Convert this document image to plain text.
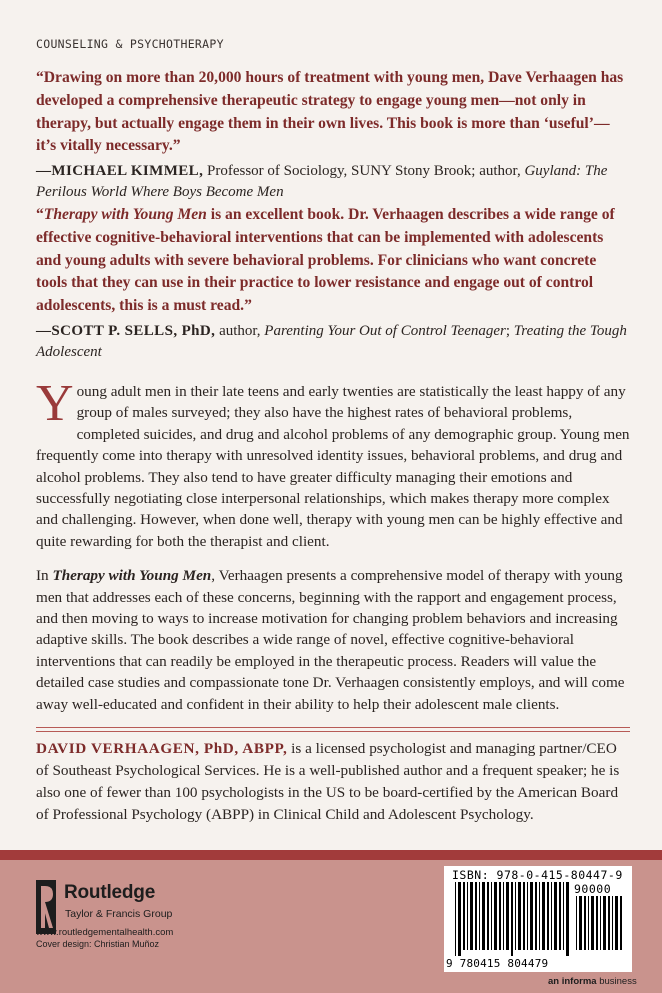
COUNSELING & PSYCHOTHERAPY
“Drawing on more than 20,000 hours of treatment with young men, Dave Verhaagen has developed a comprehensive therapeutic strategy to engage young men—not only in therapy, but actually engage them in their own lives. This book is more than ‘useful’—it’s vitally necessary.”
—MICHAEL KIMMEL, Professor of Sociology, SUNY Stony Brook; author, Guyland: The Perilous World Where Boys Become Men
“Therapy with Young Men is an excellent book. Dr. Verhaagen describes a wide range of effective cognitive-behavioral interventions that can be implemented with adolescents and young adults with severe behavioral problems. For clinicians who want concrete tools that they can use in their practice to lower resistance and engage out of control adolescents, this is a must read.”
—SCOTT P. SELLS, PhD, author, Parenting Your Out of Control Teenager; Treating the Tough Adolescent

Young adult men in their late teens and early twenties are statistically the least happy of any group of males surveyed; they also have the highest rates of behavioral problems, completed suicides, and drug and alcohol problems of any demographic group. Young men frequently come into therapy with unresolved identity issues, behavioral problems, and drug and alcohol problems. They also tend to have greater difficulty managing their emotions and successfully negotiating close interpersonal relationships, which makes therapy more complex and challenging. However, when done well, therapy with young men can be highly effective and quite rewarding for both the therapist and client.

In Therapy with Young Men, Verhaagen presents a comprehensive model of therapy with young men that addresses each of these concerns, beginning with the rapport and engagement process, and then moving to ways to increase motivation for changing problem behaviors and increasing adaptive skills. The book describes a wide range of novel, effective cognitive-behavioral interventions that can readily be employed in the therapeutic process. Readers will value the detailed case studies and compassionate tone Dr. Verhaagen consistently employs, and will come away well-educated and confident in their ability to help their adolescent male clients.

DAVID VERHAAGEN, PhD, ABPP, is a licensed psychologist and managing partner/CEO of Southeast Psychological Services. He is a well-published author and a frequent speaker; he is also one of fewer than 100 psychologists in the US to be board-certified by the American Board of Professional Psychology (ABPP) in Clinical Child and Adolescent Psychology.
Routledge
Taylor & Francis Group
www.routledgementalhealth.com
Cover design: Christian Muñoz
ISBN: 978-0-415-80447-9
90000
9 780415 804479
an informa business
